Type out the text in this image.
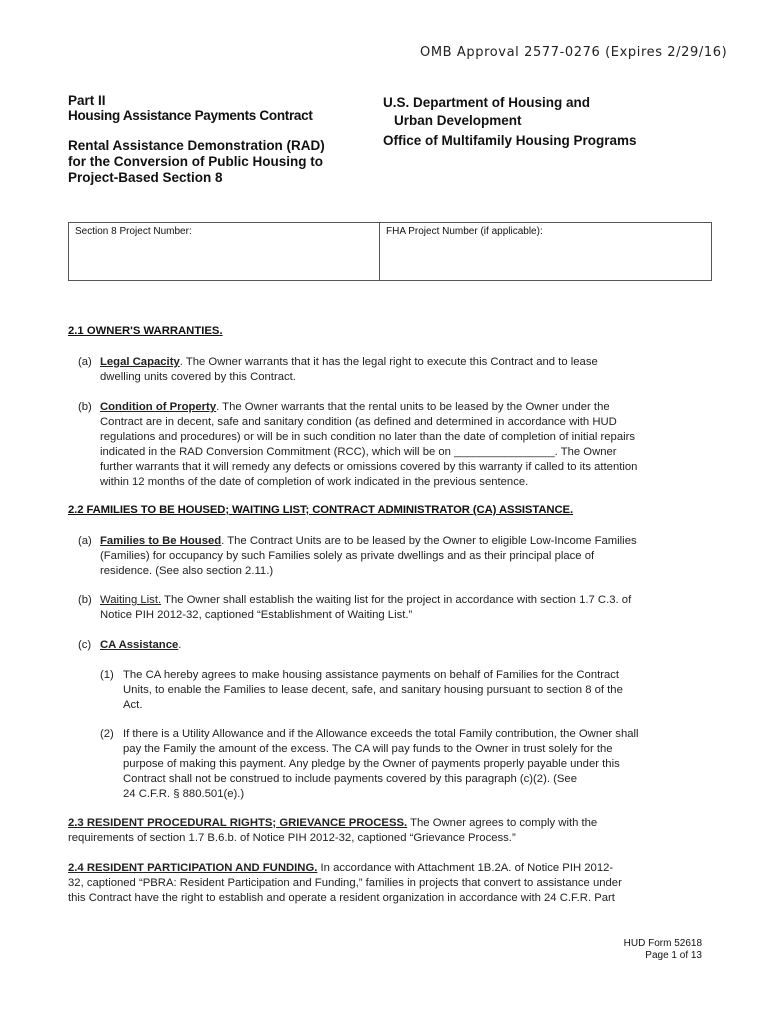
OMB Approval 2577-0276 (Expires 2/29/16)
Part II
Housing Assistance Payments Contract
Rental Assistance Demonstration (RAD)
for the Conversion of Public Housing to
Project-Based Section 8
U.S. Department of Housing and
Urban Development
Office of Multifamily Housing Programs
Section 8 Project Number:	FHA Project Number (if applicable):
2.1 OWNER'S WARRANTIES.
(a) Legal Capacity. The Owner warrants that it has the legal right to execute this Contract and to lease
dwelling units covered by this Contract.
(b) Condition of Property. The Owner warrants that the rental units to be leased by the Owner under the
Contract are in decent, safe and sanitary condition (as defined and determined in accordance with HUD
regulations and procedures) or will be in such condition no later than the date of completion of initial repairs
indicated in the RAD Conversion Commitment (RCC), which will be on ________________. The Owner
further warrants that it will remedy any defects or omissions covered by this warranty if called to its attention
within 12 months of the date of completion of work indicated in the previous sentence.
2.2 FAMILIES TO BE HOUSED; WAITING LIST; CONTRACT ADMINISTRATOR (CA) ASSISTANCE.
(a) Families to Be Housed. The Contract Units are to be leased by the Owner to eligible Low-Income Families
(Families) for occupancy by such Families solely as private dwellings and as their principal place of
residence. (See also section 2.11.)
(b) Waiting List. The Owner shall establish the waiting list for the project in accordance with section 1.7 C.3. of
Notice PIH 2012-32, captioned “Establishment of Waiting List.”
(c) CA Assistance.
(1) The CA hereby agrees to make housing assistance payments on behalf of Families for the Contract
Units, to enable the Families to lease decent, safe, and sanitary housing pursuant to section 8 of the
Act.
(2) If there is a Utility Allowance and if the Allowance exceeds the total Family contribution, the Owner shall
pay the Family the amount of the excess. The CA will pay funds to the Owner in trust solely for the
purpose of making this payment. Any pledge by the Owner of payments properly payable under this
Contract shall not be construed to include payments covered by this paragraph (c)(2). (See
24 C.F.R. § 880.501(e).)
2.3 RESIDENT PROCEDURAL RIGHTS; GRIEVANCE PROCESS. The Owner agrees to comply with the
requirements of section 1.7 B.6.b. of Notice PIH 2012-32, captioned “Grievance Process.”
2.4 RESIDENT PARTICIPATION AND FUNDING. In accordance with Attachment 1B.2A. of Notice PIH 2012-
32, captioned “PBRA: Resident Participation and Funding,” families in projects that convert to assistance under
this Contract have the right to establish and operate a resident organization in accordance with 24 C.F.R. Part
HUD Form 52618
Page 1 of 13
